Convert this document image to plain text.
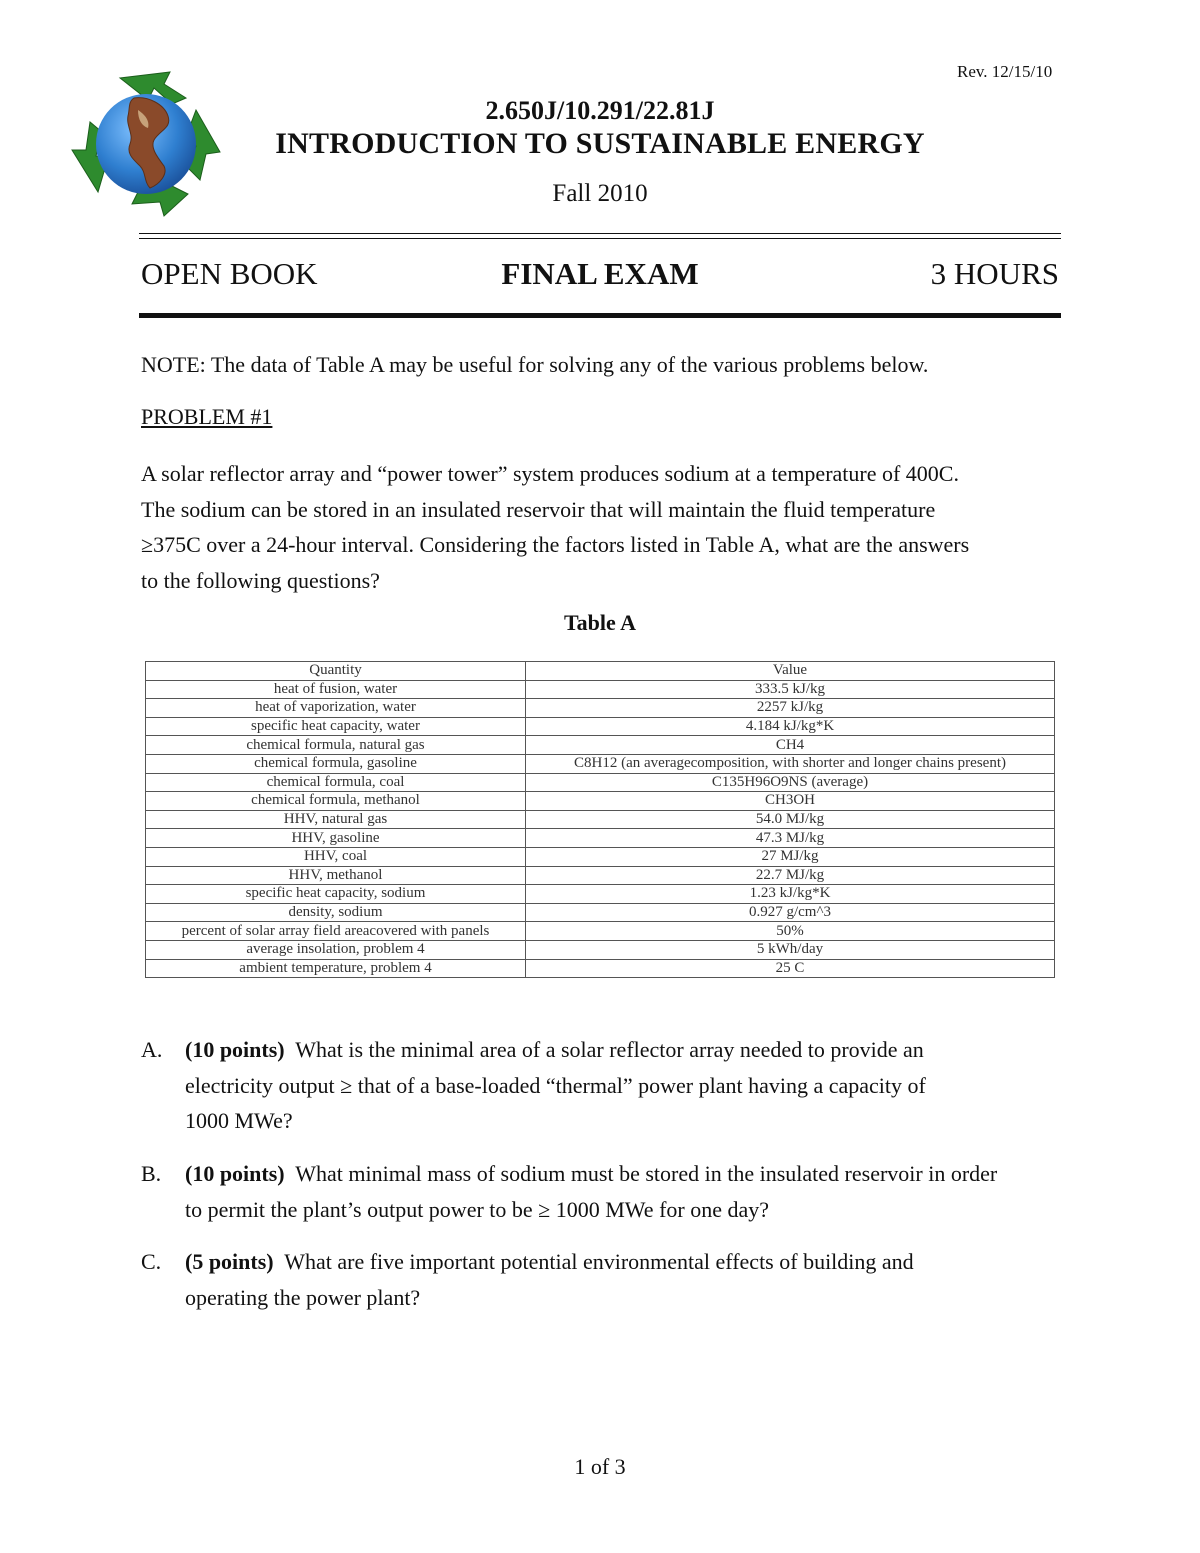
Rev. 12/15/10
2.650J/10.291/22.81J
INTRODUCTION TO SUSTAINABLE ENERGY
Fall 2010
OPEN BOOK	FINAL EXAM	3 HOURS
NOTE: The data of Table A may be useful for solving any of the various problems below.
PROBLEM #1
A solar reflector array and “power tower” system produces sodium at a temperature of 400C.
The sodium can be stored in an insulated reservoir that will maintain the fluid temperature
≥375C over a 24-hour interval. Considering the factors listed in Table A, what are the answers
to the following questions?
Table A
Quantity	Value
heat of fusion, water	333.5 kJ/kg
heat of vaporization, water	2257 kJ/kg
specific heat capacity, water	4.184 kJ/kg*K
chemical formula, natural gas	CH4
chemical formula, gasoline	C8H12 (an averagecomposition, with shorter and longer chains present)
chemical formula, coal	C135H96O9NS (average)
chemical formula, methanol	CH3OH
HHV, natural gas	54.0 MJ/kg
HHV, gasoline	47.3 MJ/kg
HHV, coal	27 MJ/kg
HHV, methanol	22.7 MJ/kg
specific heat capacity, sodium	1.23 kJ/kg*K
density, sodium	0.927 g/cm^3
percent of solar array field areacovered with panels	50%
average insolation, problem 4	5 kWh/day
ambient temperature, problem 4	25 C
A. (10 points) What is the minimal area of a solar reflector array needed to provide an
electricity output ≥ that of a base-loaded “thermal” power plant having a capacity of
1000 MWe?
B. (10 points) What minimal mass of sodium must be stored in the insulated reservoir in order
to permit the plant’s output power to be ≥ 1000 MWe for one day?
C. (5 points) What are five important potential environmental effects of building and
operating the power plant?
1 of 3
